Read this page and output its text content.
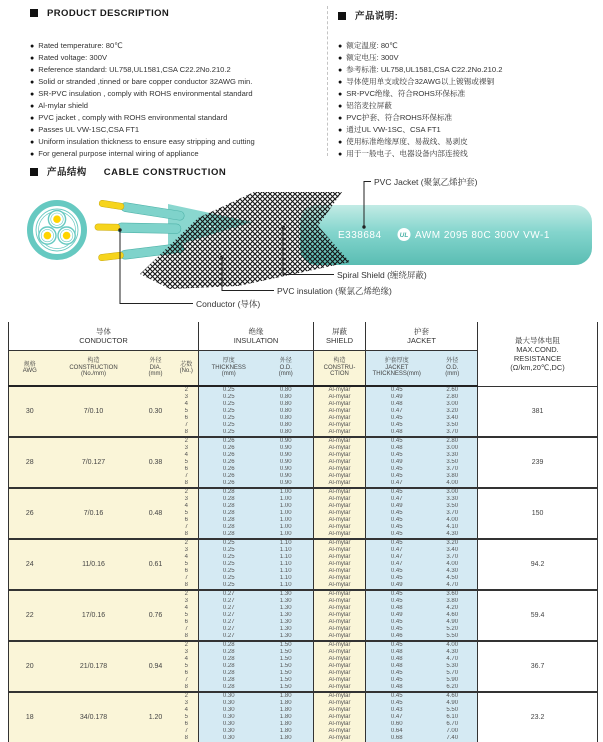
PRODUCT DESCRIPTION
● Rated temperature: 80℃
● Rated voltage: 300V
● Reference standard: UL758,UL1581,CSA C22.2No.210.2
● Solid or stranded ,tinned or bare copper conductor 32AWG min.
● SR-PVC insulation , comply with ROHS environmental standard
● Al-mylar shield
● PVC jacket , comply with ROHS environmental standard
● Passes UL VW-1SC,CSA FT1
● Uniform insulation thickness to ensure easy stripping and cutting
● For general purpose internal wiring of appliance
产品说明:
● 额定温度: 80℃
● 额定电压: 300V
● 参考标准: UL758,UL1581,CSA C22.2No.210.2
● 导体使用单支或绞合32AWG以上镀锡或裸铜
● SR-PVC绝缘、符合ROHS环保标准
● 铝箔麦拉屏蔽
● PVC护套、符合ROHS环保标准
● 通过UL VW-1SC、CSA FT1
● 使用标准绝缘厚度、易裁线、易剥皮
● 用于一般电子、电器设备内部连接线
产品结构 CABLE CONSTRUCTION
E338684	UL AWM 2095 80C 300V VW-1
PVC Jacket (聚氯乙烯护套)
Spiral Shield (缠绕屏蔽)
PVC insulation (聚氯乙烯绝缘)
Conductor (导体)
导体
CONDUCTOR

绝缘
INSULATION

屏蔽
SHIELD

护套
JACKET	最大导体电阻
MAX.COND.
RESISTANCE
(Ω/km,20℃,DC)

规格
AWG

构造
CONSTRUCTION
(No./mm)

外径
DIA.
(mm)

芯数
(No.)

厚度
THICKNESS
(mm)

外径
O.D.
(mm)

构造
CONSTRU-
CTION

护套厚度
JACKET
THICKNESS(mm)

外径
O.D.
(mm)

30	7/0.10	0.30	2	0.25	0.80	Al-mylar	0.45	2.60	381
			3	0.25	0.80	Al-mylar	0.49	2.80	
			4	0.25	0.80	Al-mylar	0.48	3.00	
			5	0.25	0.80	Al-mylar	0.47	3.20	
			6	0.25	0.80	Al-mylar	0.45	3.40	
			7	0.25	0.80	Al-mylar	0.45	3.50	
			8	0.25	0.80	Al-mylar	0.48	3.70	
28	7/0.127	0.38	2	0.26	0.90	Al-mylar	0.45	2.80	239
			3	0.26	0.90	Al-mylar	0.48	3.00	
			4	0.26	0.90	Al-mylar	0.45	3.30	
			5	0.26	0.90	Al-mylar	0.49	3.50	
			6	0.26	0.90	Al-mylar	0.45	3.70	
			7	0.26	0.90	Al-mylar	0.45	3.80	
			8	0.26	0.90	Al-mylar	0.47	4.00	
26	7/0.16	0.48	2	0.28	1.00	Al-mylar	0.45	3.00	150
			3	0.28	1.00	Al-mylar	0.47	3.30	
			4	0.28	1.00	Al-mylar	0.49	3.50	
			5	0.28	1.00	Al-mylar	0.45	3.70	
			6	0.28	1.00	Al-mylar	0.45	4.00	
			7	0.28	1.00	Al-mylar	0.45	4.10	
			8	0.28	1.00	Al-mylar	0.45	4.30	
24	11/0.16	0.61	2	0.25	1.10	Al-mylar	0.45	3.20	94.2
			3	0.25	1.10	Al-mylar	0.47	3.40	
			4	0.25	1.10	Al-mylar	0.47	3.70	
			5	0.25	1.10	Al-mylar	0.47	4.00	
			6	0.25	1.10	Al-mylar	0.45	4.30	
			7	0.25	1.10	Al-mylar	0.45	4.50	
			8	0.25	1.10	Al-mylar	0.49	4.70	
22	17/0.16	0.76	2	0.27	1.30	Al-mylar	0.45	3.60	59.4
			3	0.27	1.30	Al-mylar	0.45	3.80	
			4	0.27	1.30	Al-mylar	0.48	4.20	
			5	0.27	1.30	Al-mylar	0.49	4.60	
			6	0.27	1.30	Al-mylar	0.45	4.90	
			7	0.27	1.30	Al-mylar	0.45	5.20	
			8	0.27	1.30	Al-mylar	0.46	5.50	
20	21/0.178	0.94	2	0.28	1.50	Al-mylar	0.45	4.00	36.7
			3	0.28	1.50	Al-mylar	0.48	4.30	
			4	0.28	1.50	Al-mylar	0.48	4.70	
			5	0.28	1.50	Al-mylar	0.48	5.30	
			6	0.28	1.50	Al-mylar	0.45	5.70	
			7	0.28	1.50	Al-mylar	0.45	5.90	
			8	0.28	1.50	Al-mylar	0.48	6.20	
18	34/0.178	1.20	2	0.30	1.80	Al-mylar	0.45	4.60	23.2
			3	0.30	1.80	Al-mylar	0.45	4.90	
			4	0.30	1.80	Al-mylar	0.43	5.50	
			5	0.30	1.80	Al-mylar	0.47	6.10	
			6	0.30	1.80	Al-mylar	0.60	6.70	
			7	0.30	1.80	Al-mylar	0.64	7.00	
			8	0.30	1.80	Al-mylar	0.68	7.40	
